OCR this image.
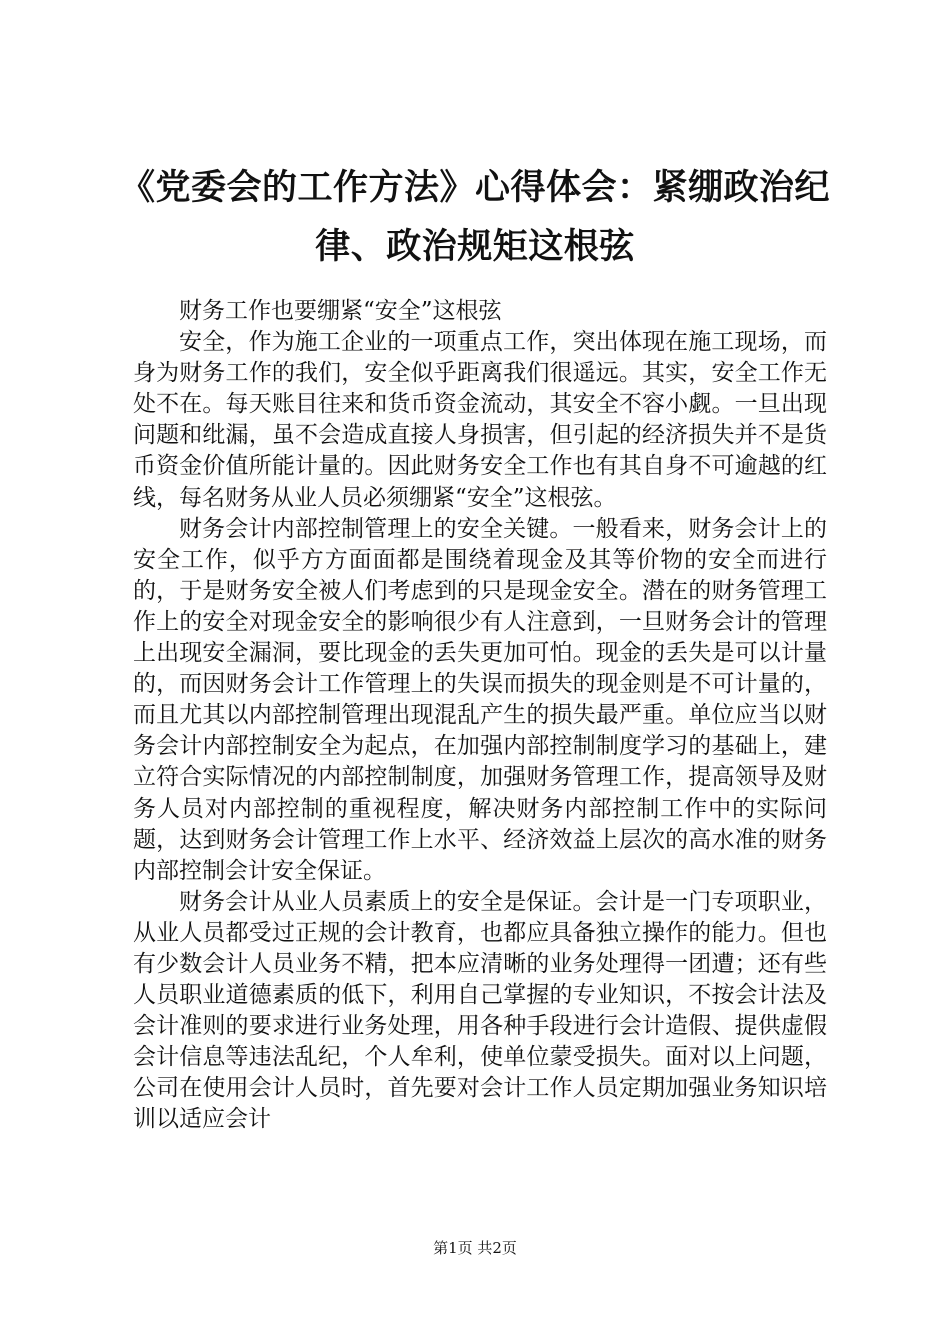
《党委会的工作方法》心得体会：紧绷政治纪律、政治规矩这根弦

财务工作也要绷紧“安全”这根弦

安全，作为施工企业的一项重点工作，突出体现在施工现场，而身为财务工作的我们，安全似乎距离我们很遥远。其实，安全工作无处不在。每天账目往来和货币资金流动，其安全不容小觑。一旦出现问题和纰漏，虽不会造成直接人身损害，但引起的经济损失并不是货币资金价值所能计量的。因此财务安全工作也有其自身不可逾越的红线，每名财务从业人员必须绷紧“安全”这根弦。

财务会计内部控制管理上的安全关键。一般看来，财务会计上的安全工作，似乎方方面面都是围绕着现金及其等价物的安全而进行的，于是财务安全被人们考虑到的只是现金安全。潜在的财务管理工作上的安全对现金安全的影响很少有人注意到，一旦财务会计的管理上出现安全漏洞，要比现金的丢失更加可怕。现金的丢失是可以计量的，而因财务会计工作管理上的失误而损失的现金则是不可计量的，而且尤其以内部控制管理出现混乱产生的损失最严重。单位应当以财务会计内部控制安全为起点，在加强内部控制制度学习的基础上，建立符合实际情况的内部控制制度，加强财务管理工作，提高领导及财务人员对内部控制的重视程度，解决财务内部控制工作中的实际问题，达到财务会计管理工作上水平、经济效益上层次的高水准的财务内部控制会计安全保证。

财务会计从业人员素质上的安全是保证。会计是一门专项职业，从业人员都受过正规的会计教育，也都应具备独立操作的能力。但也有少数会计人员业务不精，把本应清晰的业务处理得一团遭；还有些人员职业道德素质的低下，利用自己掌握的专业知识，不按会计法及会计准则的要求进行业务处理，用各种手段进行会计造假、提供虚假会计信息等违法乱纪，个人牟利，使单位蒙受损失。面对以上问题，公司在使用会计人员时，首先要对会计工作人员定期加强业务知识培训以适应会计

第1页 共2页
